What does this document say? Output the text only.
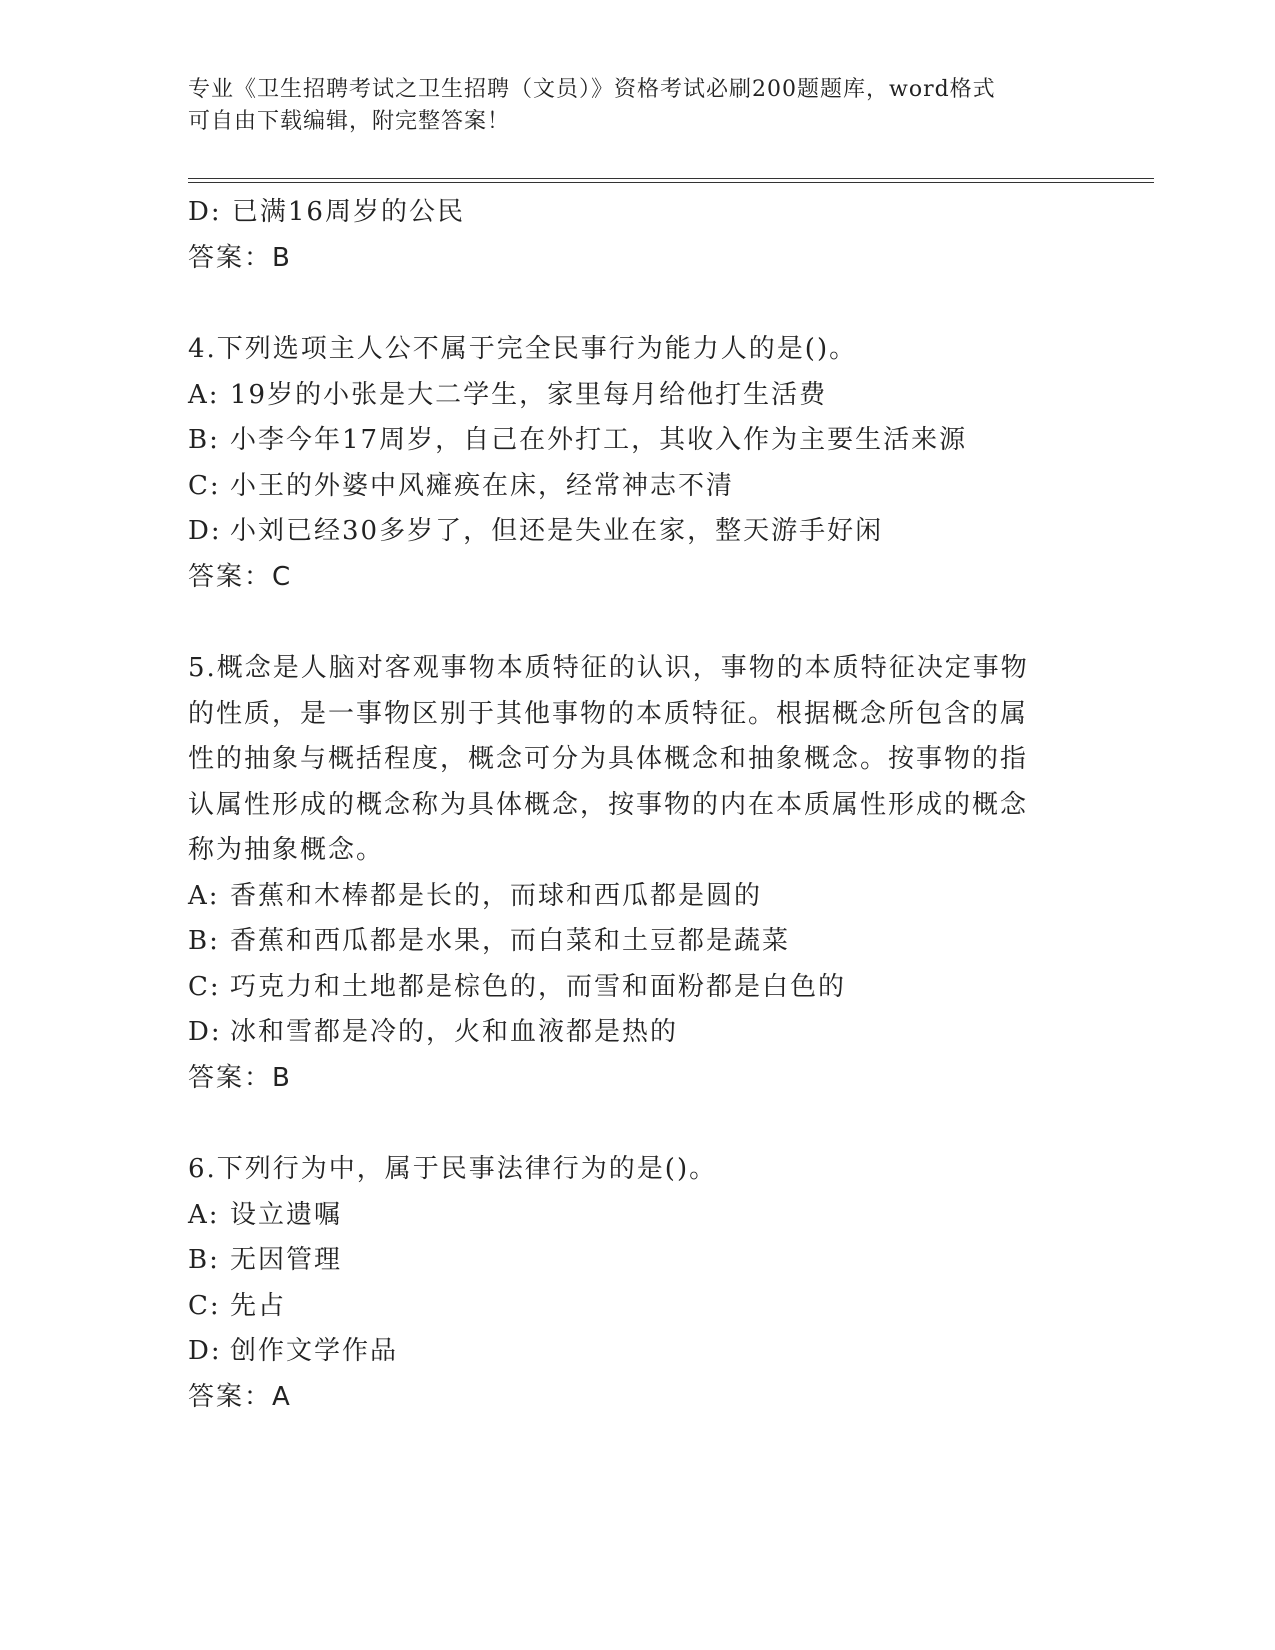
专业《卫生招聘考试之卫生招聘（文员）》资格考试必刷200题题库，word格式
可自由下载编辑，附完整答案！
D: 已满16周岁的公民
答案：B
4.下列选项主人公不属于完全民事行为能力人的是()。
A: 19岁的小张是大二学生，家里每月给他打生活费
B: 小李今年17周岁，自己在外打工，其收入作为主要生活来源
C: 小王的外婆中风瘫痪在床，经常神志不清
D: 小刘已经30多岁了，但还是失业在家，整天游手好闲
答案：C
5.概念是人脑对客观事物本质特征的认识，事物的本质特征决定事物
的性质，是一事物区别于其他事物的本质特征。根据概念所包含的属
性的抽象与概括程度，概念可分为具体概念和抽象概念。按事物的指
认属性形成的概念称为具体概念，按事物的内在本质属性形成的概念
称为抽象概念。
A: 香蕉和木棒都是长的，而球和西瓜都是圆的
B: 香蕉和西瓜都是水果，而白菜和土豆都是蔬菜
C: 巧克力和土地都是棕色的，而雪和面粉都是白色的
D: 冰和雪都是冷的，火和血液都是热的
答案：B
6.下列行为中，属于民事法律行为的是()。
A: 设立遗嘱
B: 无因管理
C: 先占
D: 创作文学作品
答案：A
